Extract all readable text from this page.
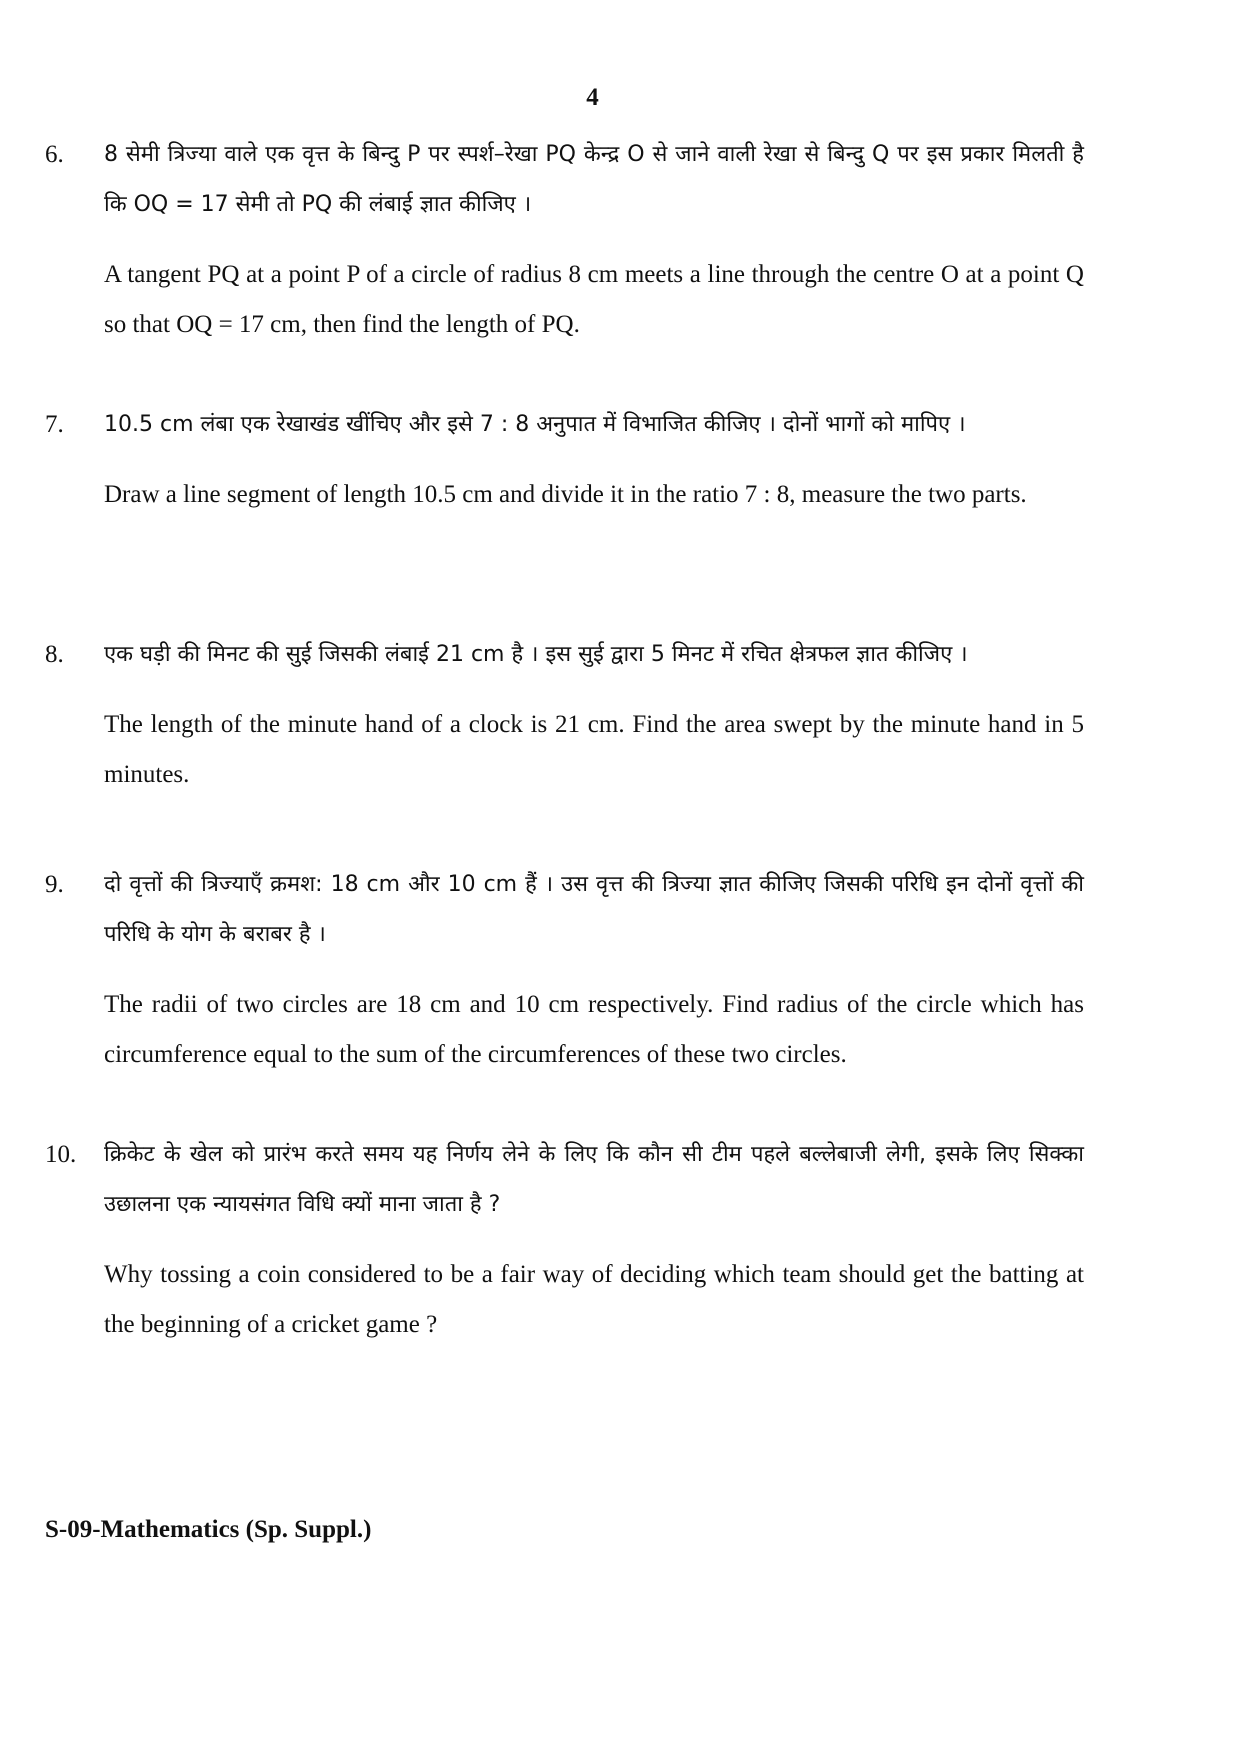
4
6. 8 सेमी त्रिज्या वाले एक वृत्त के बिन्दु P पर स्पर्श–रेखा PQ केन्द्र O से जाने वाली रेखा से बिन्दु Q पर इस प्रकार मिलती है कि OQ = 17 सेमी तो PQ की लंबाई ज्ञात कीजिए ।

A tangent PQ at a point P of a circle of radius 8 cm meets a line through the centre O at a point Q so that OQ = 17 cm, then find the length of PQ.

7. 10.5 cm लंबा एक रेखाखंड खींचिए और इसे 7 : 8 अनुपात में विभाजित कीजिए । दोनों भागों को मापिए ।

Draw a line segment of length 10.5 cm and divide it in the ratio 7 : 8, measure the two parts.

8. एक घड़ी की मिनट की सुई जिसकी लंबाई 21 cm है । इस सुई द्वारा 5 मिनट में रचित क्षेत्रफल ज्ञात कीजिए ।

The length of the minute hand of a clock is 21 cm. Find the area swept by the minute hand in 5 minutes.

9. दो वृत्तों की त्रिज्याएँ क्रमश: 18 cm और 10 cm हैं । उस वृत्त की त्रिज्या ज्ञात कीजिए जिसकी परिधि इन दोनों वृत्तों की परिधि के योग के बराबर है ।

The radii of two circles are 18 cm and 10 cm respectively. Find radius of the circle which has circumference equal to the sum of the circumferences of these two circles.

10. क्रिकेट के खेल को प्रारंभ करते समय यह निर्णय लेने के लिए कि कौन सी टीम पहले बल्लेबाजी लेगी, इसके लिए सिक्का उछालना एक न्यायसंगत विधि क्यों माना जाता है ?

Why tossing a coin considered to be a fair way of deciding which team should get the batting at the beginning of a cricket game ?

S-09-Mathematics (Sp. Suppl.)
